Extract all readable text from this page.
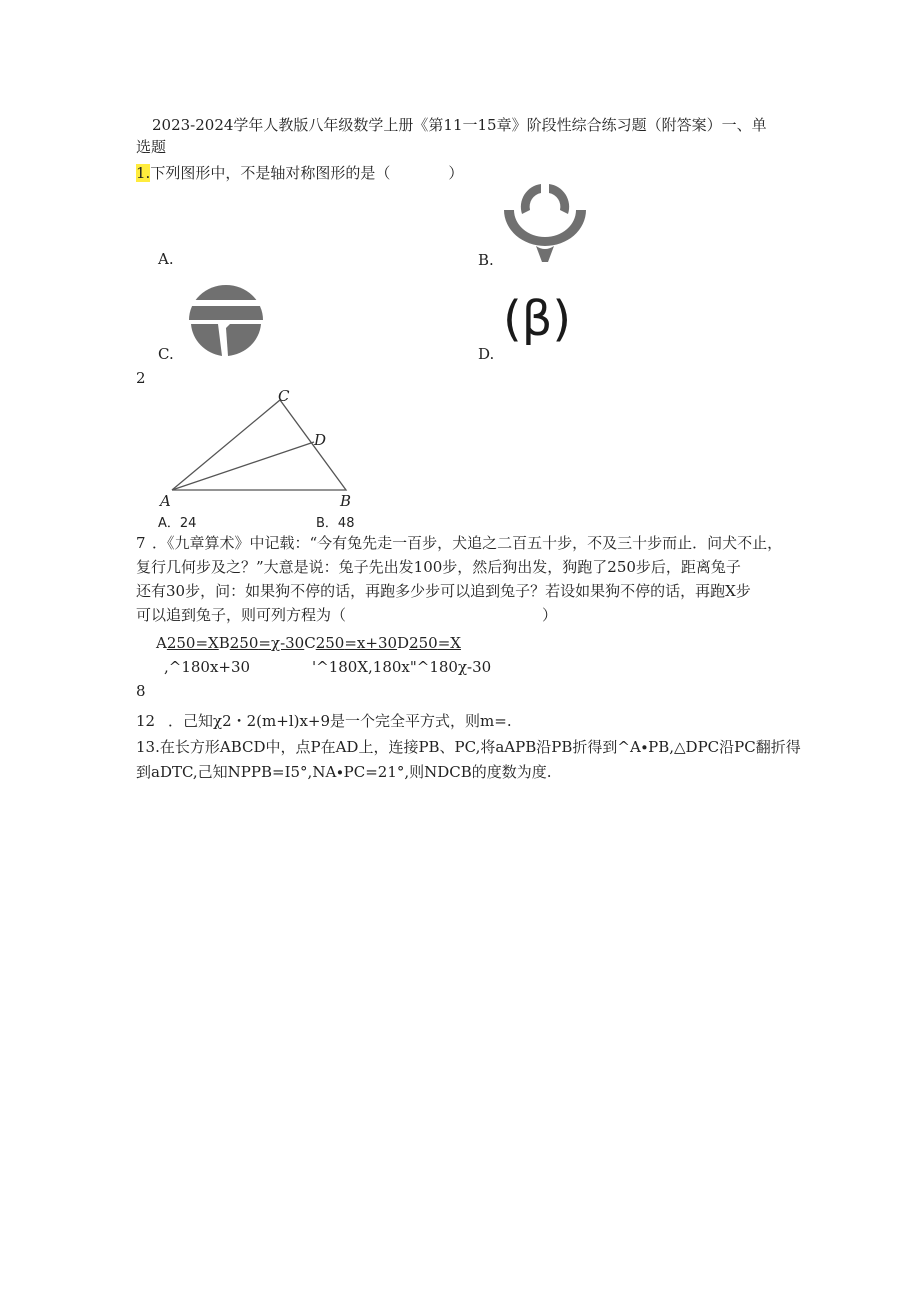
2023-2024学年人教版八年级数学上册《第11一15章》阶段性综合练习题（附答案）一、单
选题
1.下列图形中，不是轴对称图形的是（	）
A.	B.
C.	D.
(β)
2
A	B
C
D
A．24	B．48
7 ．《九章算术》中记载：“今有兔先走一百步，犬追之二百五十步，不及三十步而止．问犬不止，
复行几何步及之？”大意是说：兔子先出发100步，然后狗出发，狗跑了250步后，距离兔子
还有30步，问：如果狗不停的话，再跑多少步可以追到兔子？若设如果狗不停的话，再跑X步
可以追到兔子，则可列方程为（	）
A250=XB250=χ-30C250=x+30D250=X
,^180x+30	'^180X,180x"^180χ-30
8
12 ．己知χ2・2(m+l)x+9是一个完全平方式，则m=.
13.在长方形ABCD中，点P在AD上，连接PB、PC,将aAPB沿PB折得到^A∙PB,△DPC沿PC翻折得
到aDTC,己知NPPB=I5°,NA∙PC=21°,则NDCB的度数为度.
